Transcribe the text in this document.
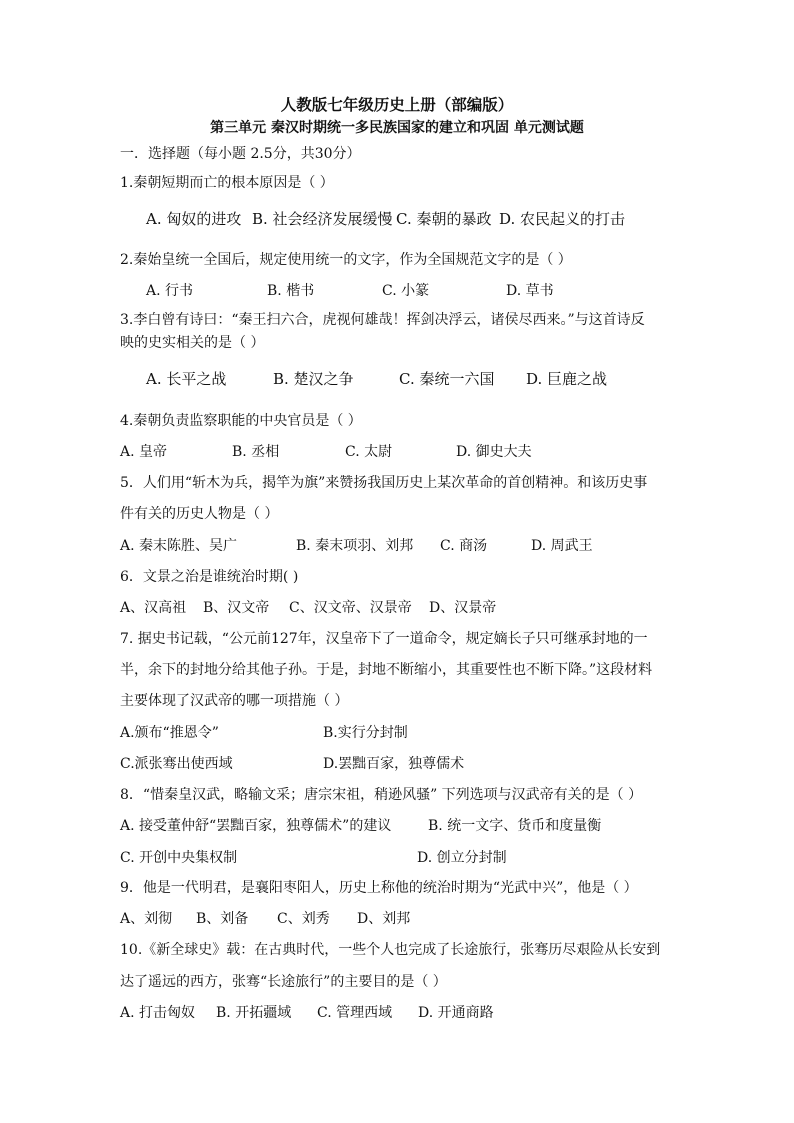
人教版七年级历史上册（部编版）
第三单元 秦汉时期统一多民族国家的建立和巩固 单元测试题
一．选择题（每小题 2.5分，共30分）
1.秦朝短期而亡的根本原因是（ ）
A. 匈奴的进攻 B. 社会经济发展缓慢 C. 秦朝的暴政 D. 农民起义的打击
2.秦始皇统一全国后，规定使用统一的文字，作为全国规范文字的是（ ）
A. 行书	B. 楷书	C. 小篆	D. 草书
3.李白曾有诗曰：“秦王扫六合，虎视何雄哉！挥剑决浮云，诸侯尽西来。”与这首诗反
映的史实相关的是（ ）
A. 长平之战	B. 楚汉之争	C. 秦统一六国 D. 巨鹿之战
4.秦朝负责监察职能的中央官员是（ ）
A. 皇帝	B. 丞相	C. 太尉	D. 御史大夫
5．人们用“斩木为兵，揭竿为旗”来赞扬我国历史上某次革命的首创精神。和该历史事
件有关的历史人物是（ ）
A. 秦末陈胜、吴广	B. 秦末项羽、刘邦 C. 商汤	D. 周武王
6．文景之治是谁统治时期( )
A、汉高祖 B、汉文帝 C、汉文帝、汉景帝 D、汉景帝
7. 据史书记载，“公元前127年，汉皇帝下了一道命令，规定嫡长子只可继承封地的一
半，余下的封地分给其他子孙。于是，封地不断缩小，其重要性也不断下降。”这段材料
主要体现了汉武帝的哪一项措施（ ）
A.颁布“推恩令”	B.实行分封制
C.派张骞出使西域	D.罢黜百家，独尊儒术
8．“惜秦皇汉武，略输文采；唐宗宋祖，稍逊风骚” 下列选项与汉武帝有关的是（ ）
A. 接受董仲舒“罢黜百家，独尊儒术”的建议	B. 统一文字、货币和度量衡
C. 开创中央集权制	D. 创立分封制
9．他是一代明君，是襄阳枣阳人，历史上称他的统治时期为“光武中兴”，他是（ ）
A、刘彻 B、刘备 C、刘秀 D、刘邦
10.《新全球史》载：在古典时代，一些个人也完成了长途旅行，张骞历尽艰险从长安到
达了遥远的西方，张骞“长途旅行”的主要目的是（ ）
A. 打击匈奴 B. 开拓疆域 C. 管理西域 D. 开通商路
